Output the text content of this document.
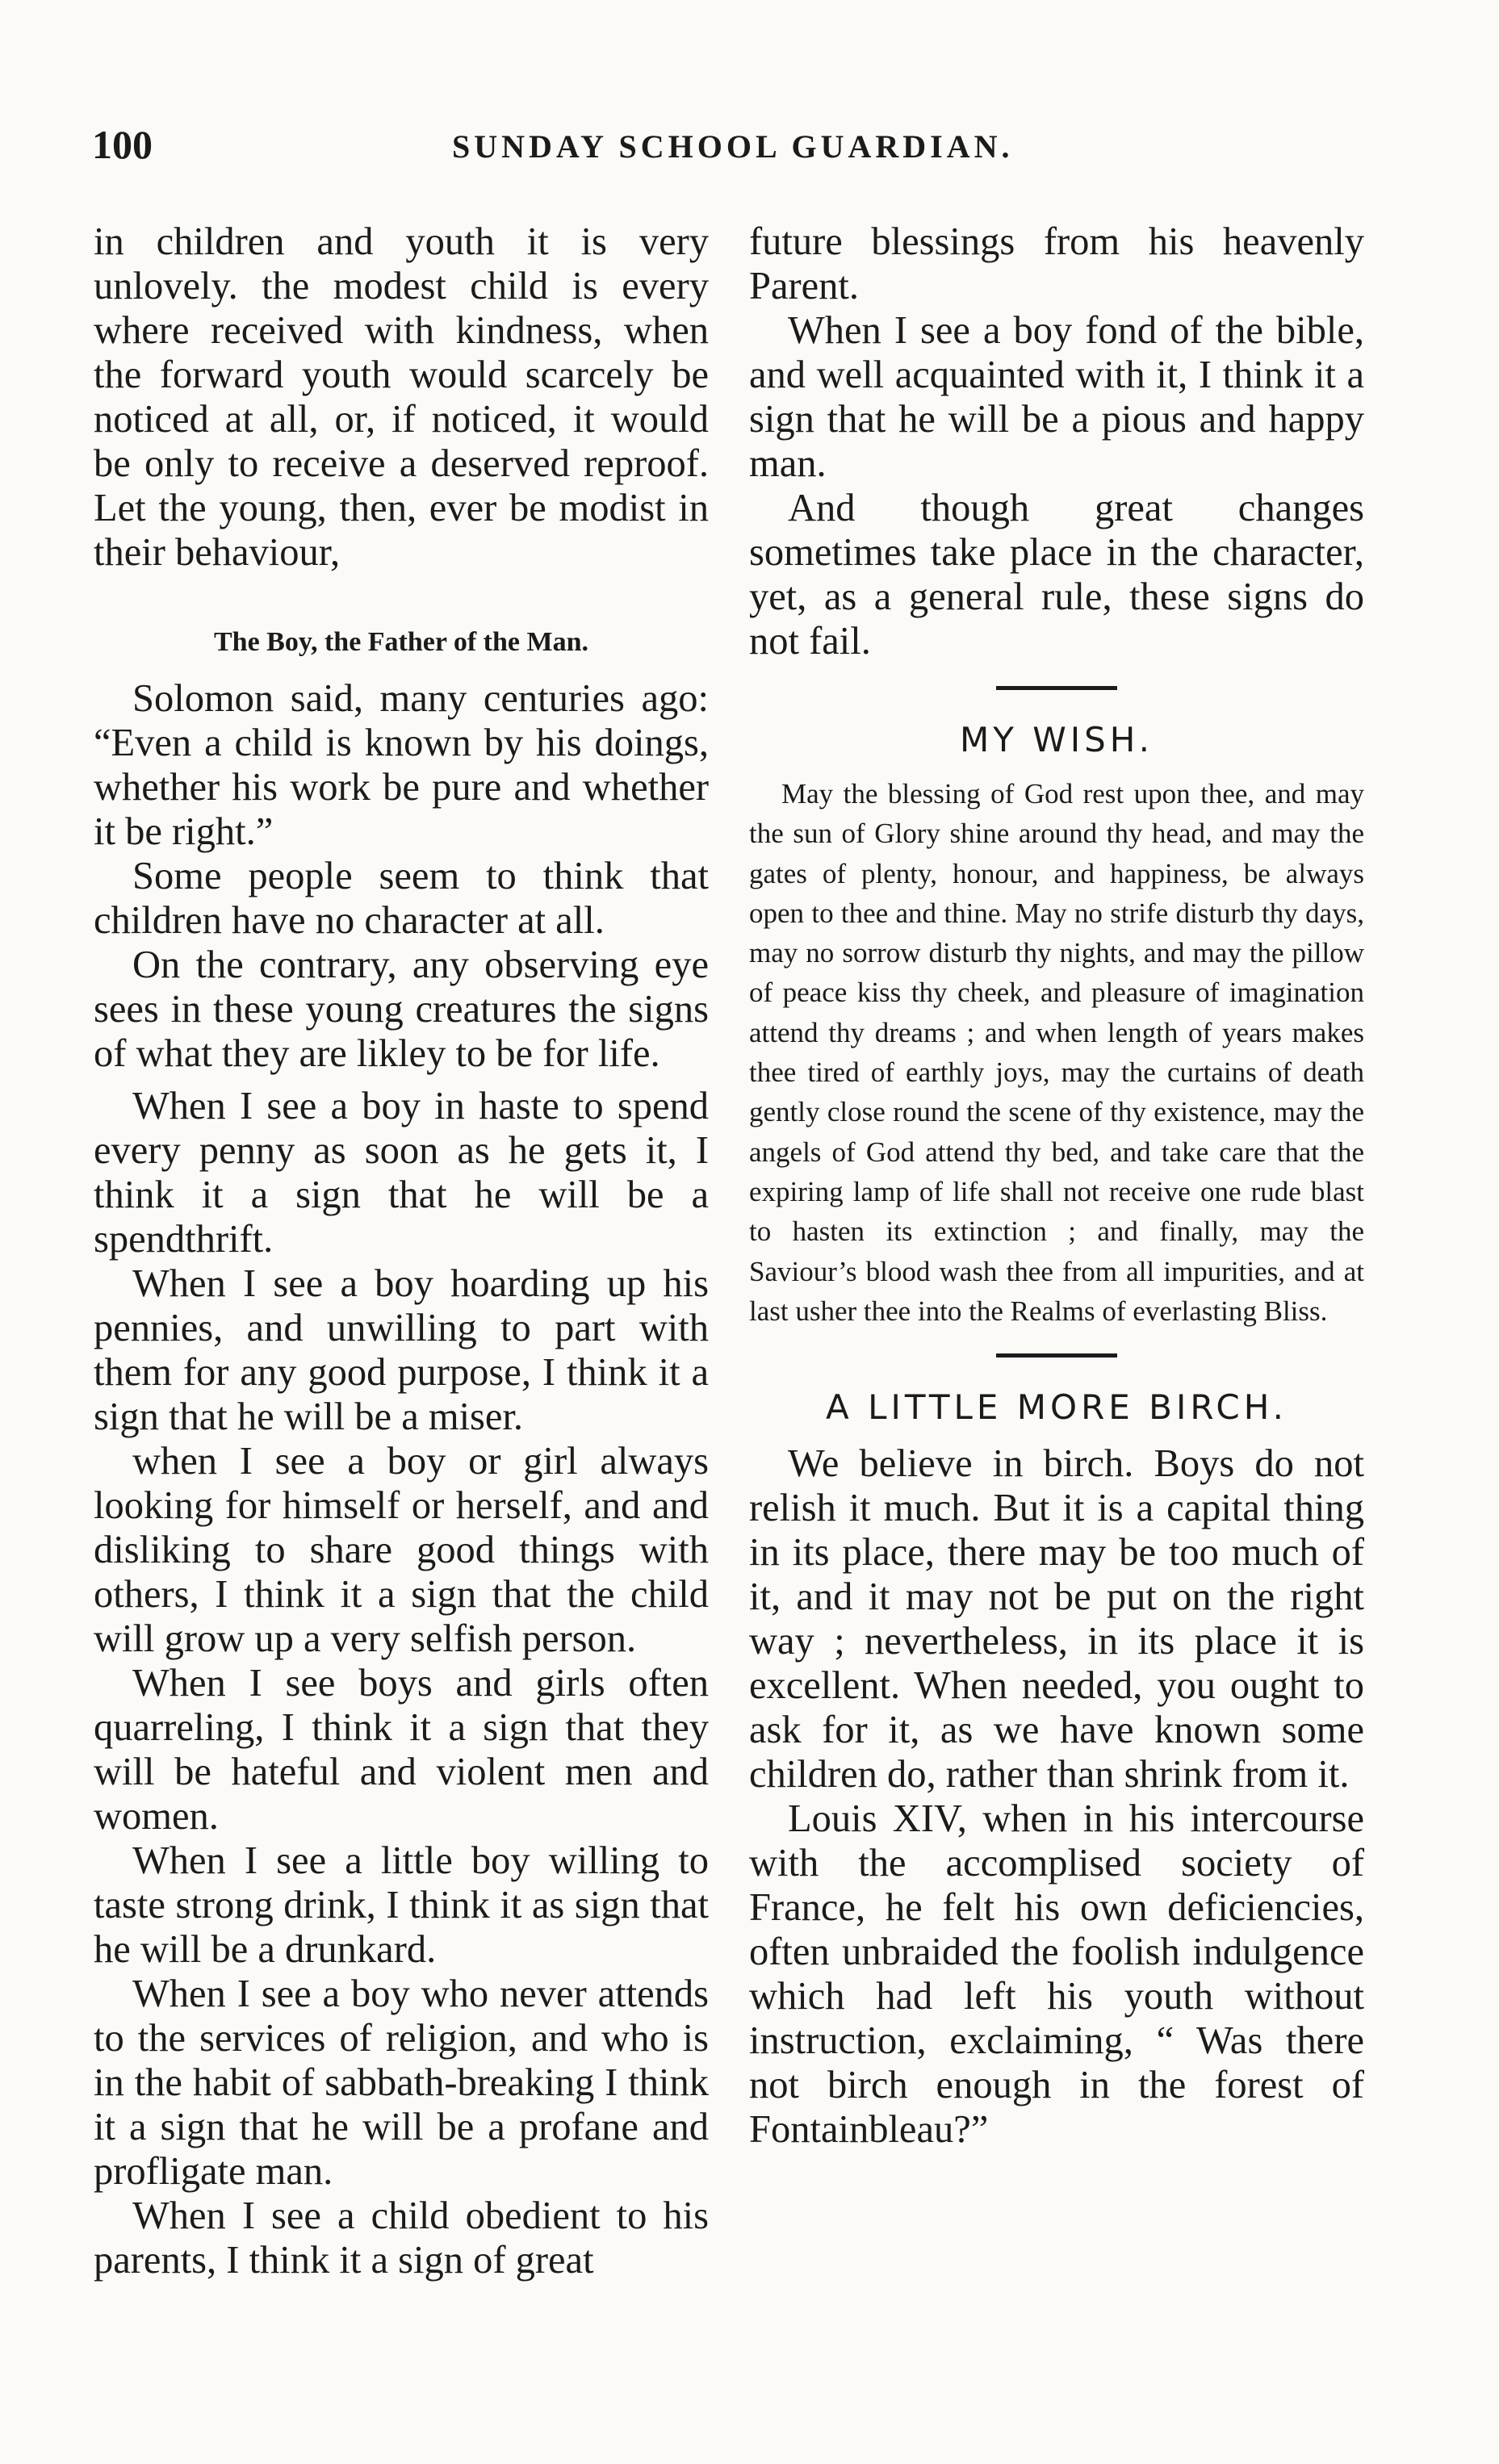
100	SUNDAY SCHOOL GUARDIAN.

in children and youth it is very unlovely. the modest child is every where received with kindness, when the forward youth would scarcely be noticed at all, or, if noticed, it would be only to receive a deserved reproof. Let the young, then, ever be modist in their behaviour,

The Boy, the Father of the Man.

Solomon said, many centuries ago: “Even a child is known by his doings, whether his work be pure and whether it be right.”

Some people seem to think that children have no character at all.

On the contrary, any observing eye sees in these young creatures the signs of what they are likley to be for life.

When I see a boy in haste to spend every penny as soon as he gets it, I think it a sign that he will be a spendthrift.

When I see a boy hoarding up his pennies, and unwilling to part with them for any good purpose, I think it a sign that he will be a miser.

when I see a boy or girl always looking for himself or herself, and and disliking to share good things with others, I think it a sign that the child will grow up a very selfish person.

When I see boys and girls often quarreling, I think it a sign that they will be hateful and violent men and women.

When I see a little boy willing to taste strong drink, I think it as sign that he will be a drunkard.

When I see a boy who never attends to the services of religion, and who is in the habit of sabbath-breaking I think it a sign that he will be a profane and profligate man.

When I see a child obedient to his parents, I think it a sign of great

future blessings from his heavenly Parent.

When I see a boy fond of the bible, and well acquainted with it, I think it a sign that he will be a pious and happy man.

And though great changes sometimes take place in the character, yet, as a general rule, these signs do not fail.

MY WISH.
May the blessing of God rest upon thee, and may the sun of Glory shine around thy head, and may the gates of plenty, honour, and happiness, be always open to thee and thine. May no strife disturb thy days, may no sorrow disturb thy nights, and may the pillow of peace kiss thy cheek, and pleasure of imagination attend thy dreams ; and when length of years makes thee tired of earthly joys, may the curtains of death gently close round the scene of thy existence, may the angels of God attend thy bed, and take care that the expiring lamp of life shall not receive one rude blast to hasten its extinction ; and finally, may the Saviour’s blood wash thee from all impurities, and at last usher thee into the Realms of everlasting Bliss.
A LITTLE MORE BIRCH.

We believe in birch. Boys do not relish it much. But it is a capital thing in its place, there may be too much of it, and it may not be put on the right way ; nevertheless, in its place it is excellent. When needed, you ought to ask for it, as we have known some children do, rather than shrink from it.

Louis XIV, when in his intercourse with the accomplised society of France, he felt his own deficiencies, often unbraided the foolish indulgence which had left his youth without instruction, exclaiming, “ Was there not birch enough in the forest of Fontainbleau?”
